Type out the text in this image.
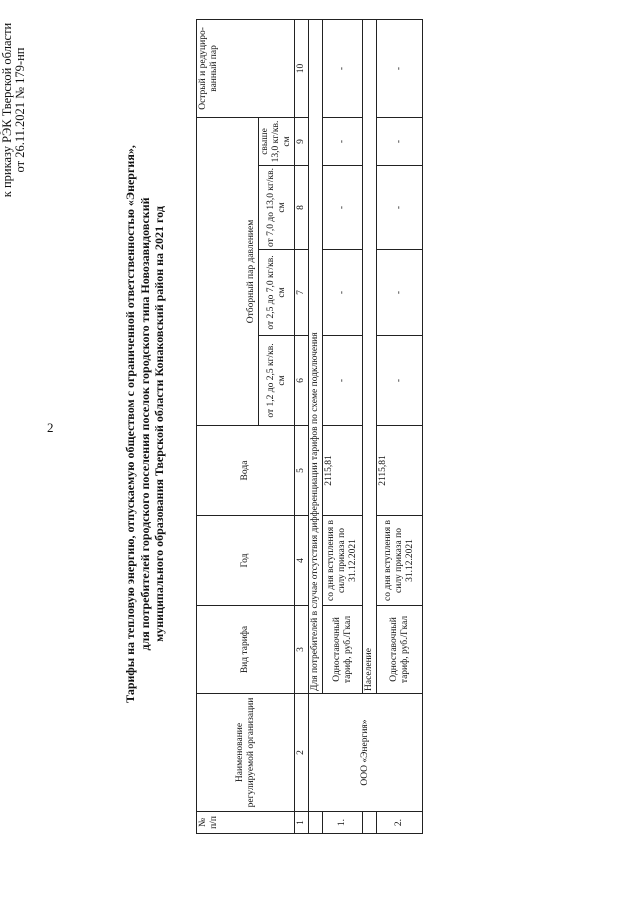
2
к приказу РЭК Тверской области от 26.11.2021 № 179-нп
Тарифы на тепловую энергию, отпускаемую обществом с ограниченной ответственностью «Энергия», для потребителей городского поселения поселок городского типа Новозавидовский муниципального образования Тверской области Конаковский район на 2021 год
№ п/п	Наименование регулируемой организации	Вид тарифа	Год	Вода	Отборный пар давлением				Острый и редуциро-ванный пар
					от 1,2 до 2,5 кг/кв. см	от 2,5 до 7,0 кг/кв. см	от 7,0 до 13,0 кг/кв. см	свыше 13,0 кг/кв. см	
1	2	3	4	5	6	7	8	9	10
	ООО «Энергия»	Для потребителей в случае отсутствия дифференциации тарифов по схеме подключения							
1.		Одноставочный тариф, руб./Гкал	со дня вступления в силу приказа по 31.12.2021	2115,81	-	-	-	-	-
		Население							
2.		Одноставочный тариф, руб./Гкал	со дня вступления в силу приказа по 31.12.2021	2115,81	-	-	-	-	-
